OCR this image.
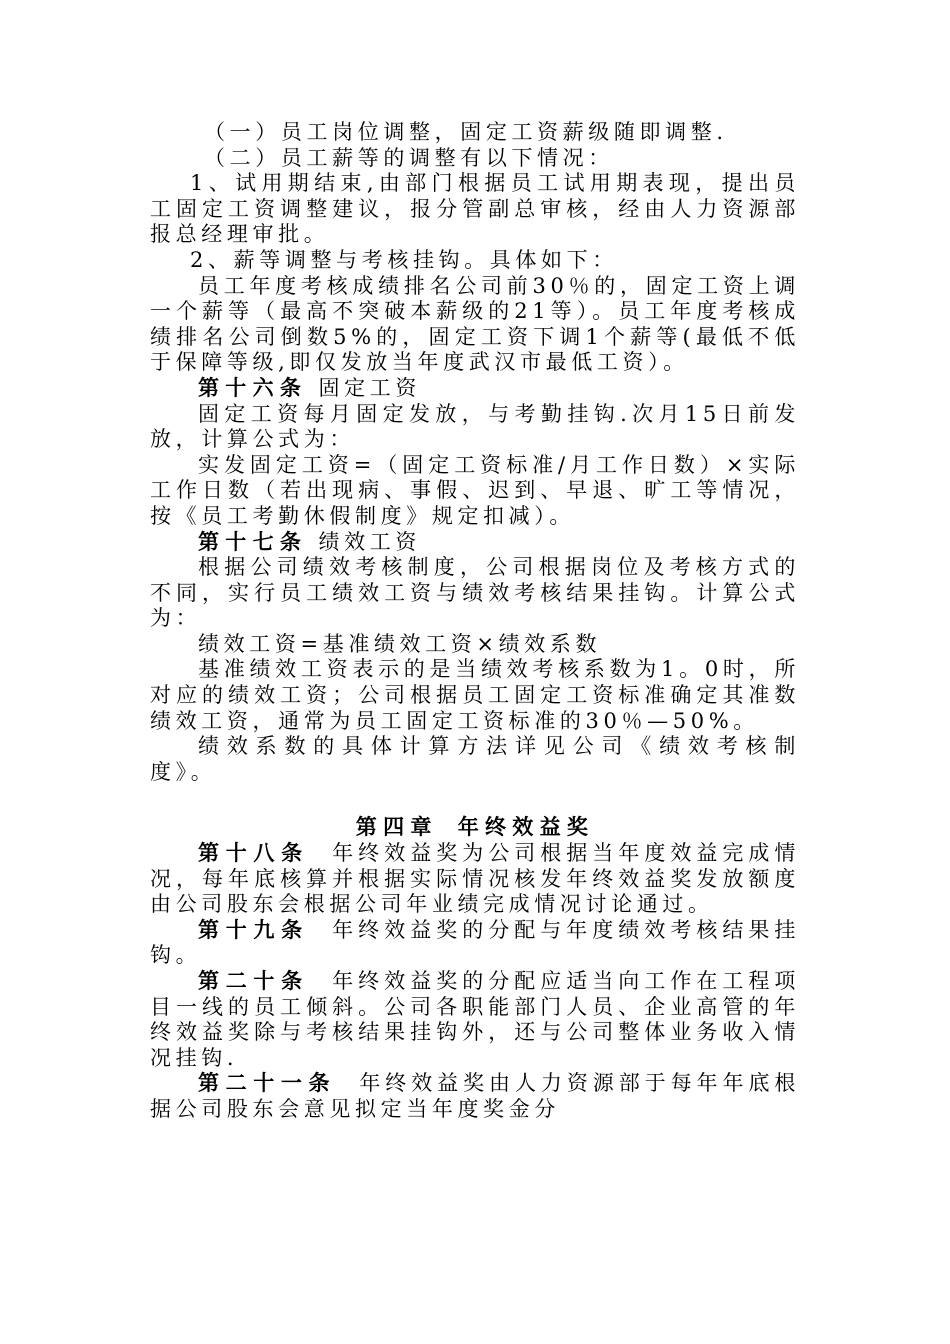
（一）员工岗位调整，固定工资薪级随即调整.

（二）员工薪等的调整有以下情况：

1、试用期结束,由部门根据员工试用期表现，提出员工固定工资调整建议，报分管副总审核，经由人力资源部报总经理审批。

2、薪等调整与考核挂钩。具体如下：

员工年度考核成绩排名公司前30％的，固定工资上调一个薪等（最高不突破本薪级的21等）。员工年度考核成绩排名公司倒数5%的，固定工资下调1个薪等(最低不低于保障等级,即仅发放当年度武汉市最低工资）。

第十六条 固定工资

固定工资每月固定发放，与考勤挂钩.次月15日前发放，计算公式为：

实发固定工资=（固定工资标准/月工作日数）×实际工作日数（若出现病、事假、迟到、早退、旷工等情况，按《员工考勤休假制度》规定扣减）。

第十七条 绩效工资

根据公司绩效考核制度，公司根据岗位及考核方式的不同，实行员工绩效工资与绩效考核结果挂钩。计算公式为：

绩效工资=基准绩效工资×绩效系数

基准绩效工资表示的是当绩效考核系数为1。0时，所对应的绩效工资；公司根据员工固定工资标准确定其准数绩效工资，通常为员工固定工资标准的30％—50%。

绩效系数的具体计算方法详见公司《绩效考核制度》。

第四章 年终效益奖

第十八条 年终效益奖为公司根据当年度效益完成情况，每年底核算并根据实际情况核发年终效益奖发放额度由公司股东会根据公司年业绩完成情况讨论通过。

第十九条 年终效益奖的分配与年度绩效考核结果挂钩。

第二十条 年终效益奖的分配应适当向工作在工程项目一线的员工倾斜。公司各职能部门人员、企业高管的年终效益奖除与考核结果挂钩外，还与公司整体业务收入情况挂钩.

第二十一条 年终效益奖由人力资源部于每年年底根据公司股东会意见拟定当年度奖金分
